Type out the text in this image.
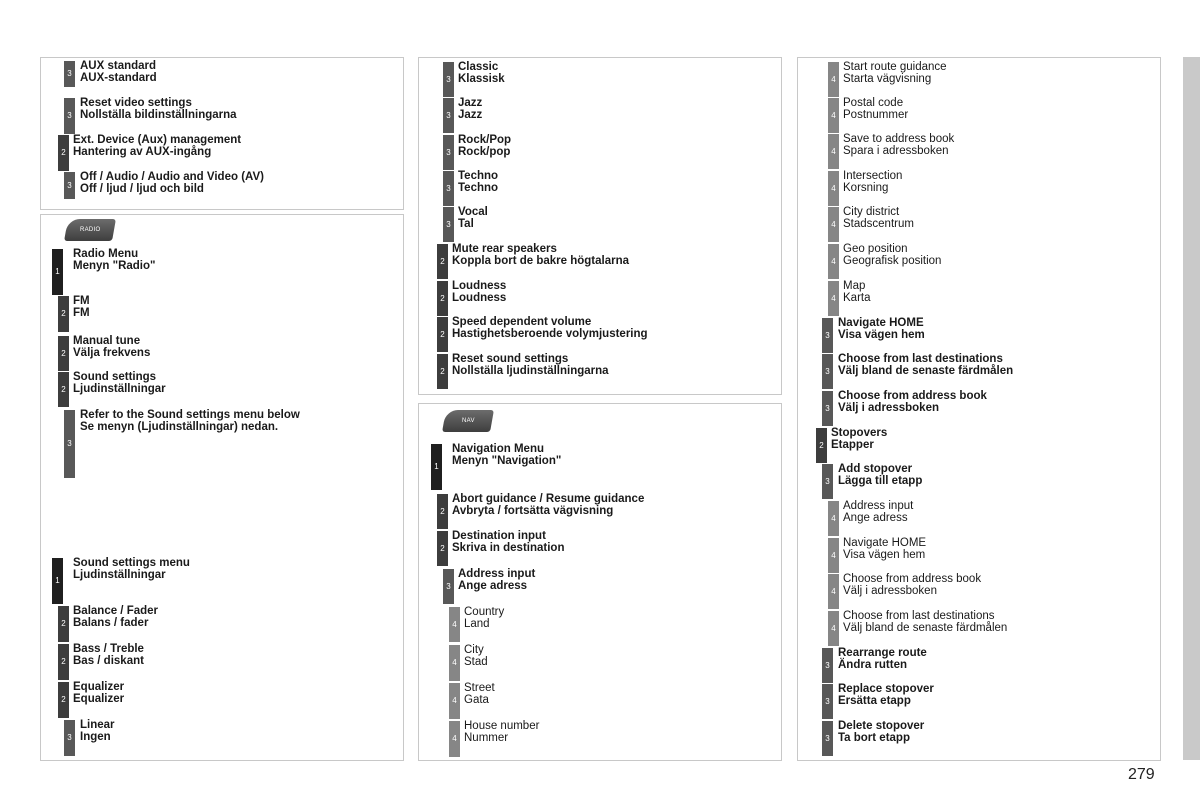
RADIO
NAV
3
AUX standard
AUX-standard
3
Reset video settings
Nollställa bildinställningarna
2
Ext. Device (Aux) management
Hantering av AUX-ingång
3
Off / Audio / Audio and Video (AV)
Off / ljud / ljud och bild
1
Radio Menu
Menyn "Radio"
2
FM
FM
2
Manual tune
Välja frekvens
2
Sound settings
Ljudinställningar
3
Refer to the Sound settings menu below
Se menyn (Ljudinställningar) nedan.
1
Sound settings menu
Ljudinställningar
2
Balance / Fader
Balans / fader
2
Bass / Treble
Bas / diskant
2
Equalizer
Equalizer
3
Linear
Ingen
3
Classic
Klassisk
3
Jazz
Jazz
3
Rock/Pop
Rock/pop
3
Techno
Techno
3
Vocal
Tal
2
Mute rear speakers
Koppla bort de bakre högtalarna
2
Loudness
Loudness
2
Speed dependent volume
Hastighetsberoende volymjustering
2
Reset sound settings
Nollställa ljudinställningarna
1
Navigation Menu
Menyn "Navigation"
2
Abort guidance / Resume guidance
Avbryta / fortsätta vägvisning
2
Destination input
Skriva in destination
3
Address input
Ange adress
4
Country
Land
4
City
Stad
4
Street
Gata
4
House number
Nummer
4
Start route guidance
Starta vägvisning
4
Postal code
Postnummer
4
Save to address book
Spara i adressboken
4
Intersection
Korsning
4
City district
Stadscentrum
4
Geo position
Geografisk position
4
Map
Karta
3
Navigate HOME
Visa vägen hem
3
Choose from last destinations
Välj bland de senaste färdmålen
3
Choose from address book
Välj i adressboken
2
Stopovers
Etapper
3
Add stopover
Lägga till etapp
4
Address input
Ange adress
4
Navigate HOME
Visa vägen hem
4
Choose from address book
Välj i adressboken
4
Choose from last destinations
Välj bland de senaste färdmålen
3
Rearrange route
Ändra rutten
3
Replace stopover
Ersätta etapp
3
Delete stopover
Ta bort etapp
279
